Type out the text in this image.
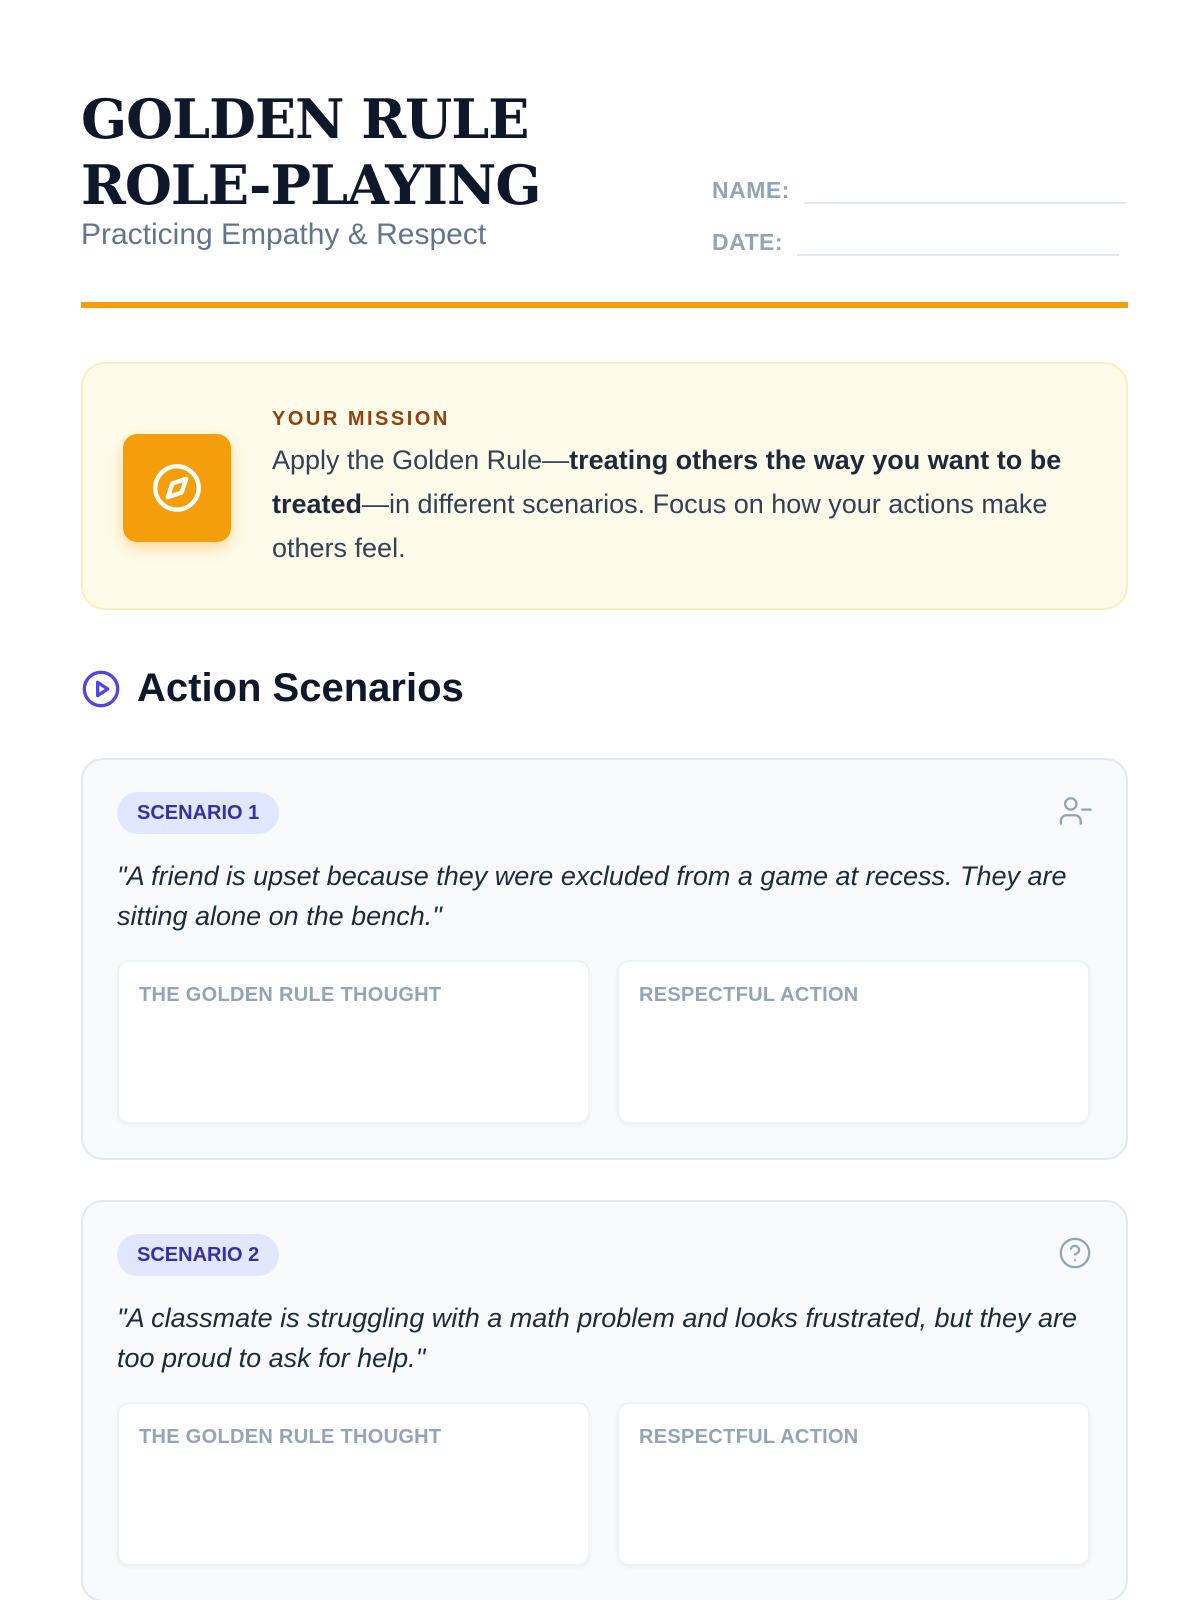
GOLDEN RULE ROLE-PLAYING
Practicing Empathy & Respect
NAME:
DATE:
YOUR MISSION
Apply the Golden Rule—treating others the way you want to be treated—in different scenarios. Focus on how your actions make others feel.
Action Scenarios
SCENARIO 1
"A friend is upset because they were excluded from a game at recess. They are sitting alone on the bench."
THE GOLDEN RULE THOUGHT	RESPECTFUL ACTION
SCENARIO 2
"A classmate is struggling with a math problem and looks frustrated, but they are too proud to ask for help."
THE GOLDEN RULE THOUGHT	RESPECTFUL ACTION
